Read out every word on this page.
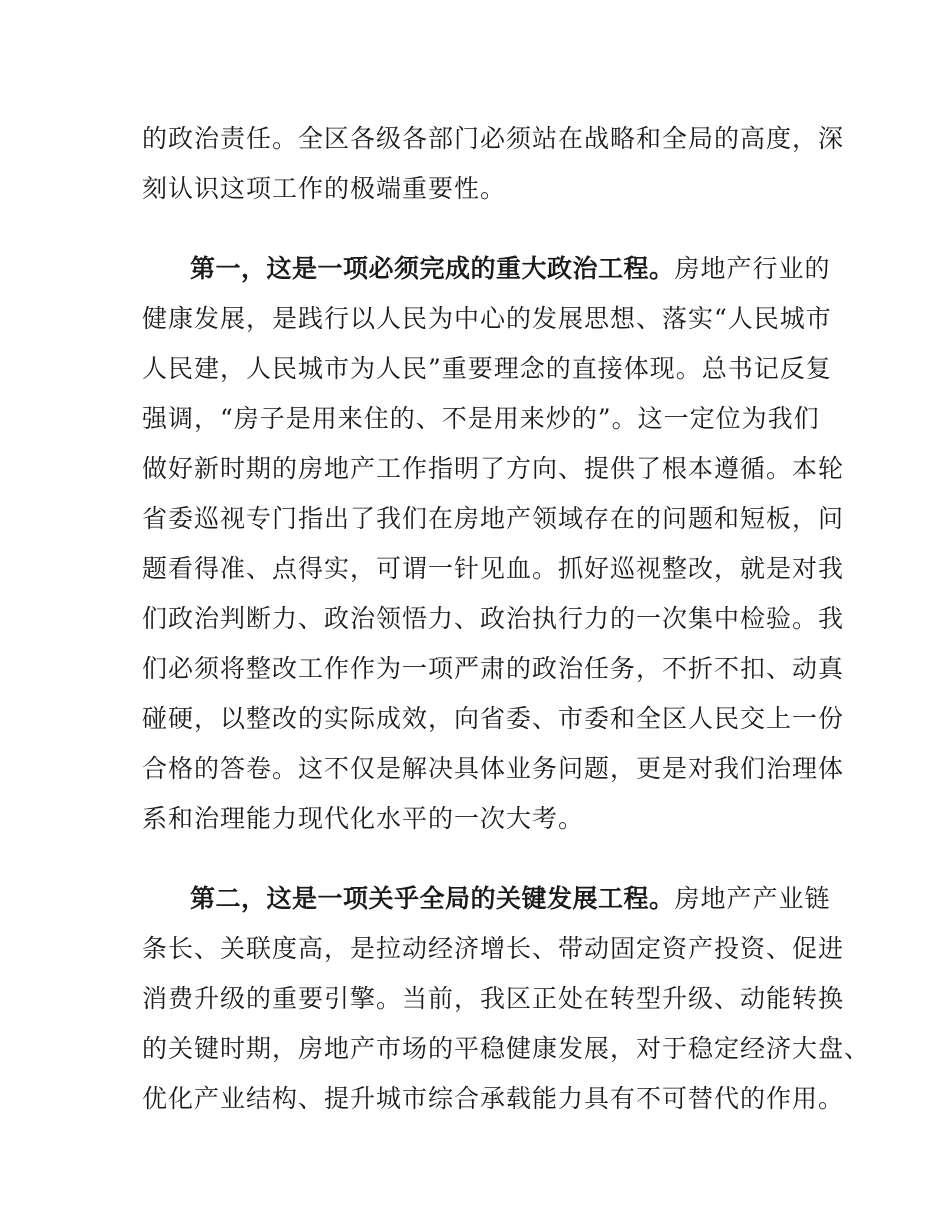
的政治责任。全区各级各部门必须站在战略和全局的高度，深
刻认识这项工作的极端重要性。
第一，这是一项必须完成的重大政治工程。房地产行业的
健康发展，是践行以人民为中心的发展思想、落实“人民城市
人民建，人民城市为人民”重要理念的直接体现。总书记反复
强调，“房子是用来住的、不是用来炒的”。这一定位为我们
做好新时期的房地产工作指明了方向、提供了根本遵循。本轮
省委巡视专门指出了我们在房地产领域存在的问题和短板，问
题看得准、点得实，可谓一针见血。抓好巡视整改，就是对我
们政治判断力、政治领悟力、政治执行力的一次集中检验。我
们必须将整改工作作为一项严肃的政治任务，不折不扣、动真
碰硬，以整改的实际成效，向省委、市委和全区人民交上一份
合格的答卷。这不仅是解决具体业务问题，更是对我们治理体
系和治理能力现代化水平的一次大考。
第二，这是一项关乎全局的关键发展工程。房地产产业链
条长、关联度高，是拉动经济增长、带动固定资产投资、促进
消费升级的重要引擎。当前，我区正处在转型升级、动能转换
的关键时期，房地产市场的平稳健康发展，对于稳定经济大盘、
优化产业结构、提升城市综合承载能力具有不可替代的作用。
